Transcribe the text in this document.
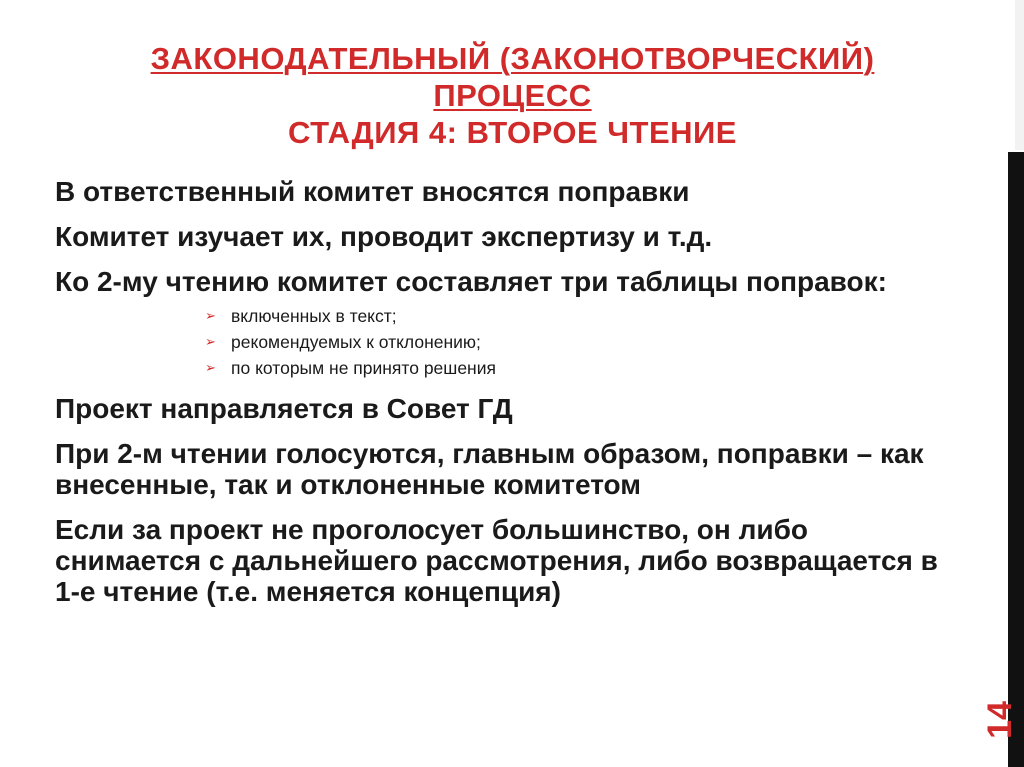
ЗАКОНОДАТЕЛЬНЫЙ (ЗАКОНОТВОРЧЕСКИЙ)
ПРОЦЕСС
СТАДИЯ 4: ВТОРОЕ ЧТЕНИЕ

В ответственный комитет вносятся поправки

Комитет изучает их, проводит экспертизу и т.д.

Ко 2-му чтению комитет составляет три таблицы поправок:

➢ включенных в текст;
➢ рекомендуемых к отклонению;
➢ по которым не принято решения

Проект направляется в Совет ГД

При 2-м чтении голосуются, главным образом, поправки – как внесенные, так и отклоненные комитетом

Если за проект не проголосует большинство, он либо снимается с дальнейшего рассмотрения, либо возвращается в 1-е чтение (т.е. меняется концепция)

14
